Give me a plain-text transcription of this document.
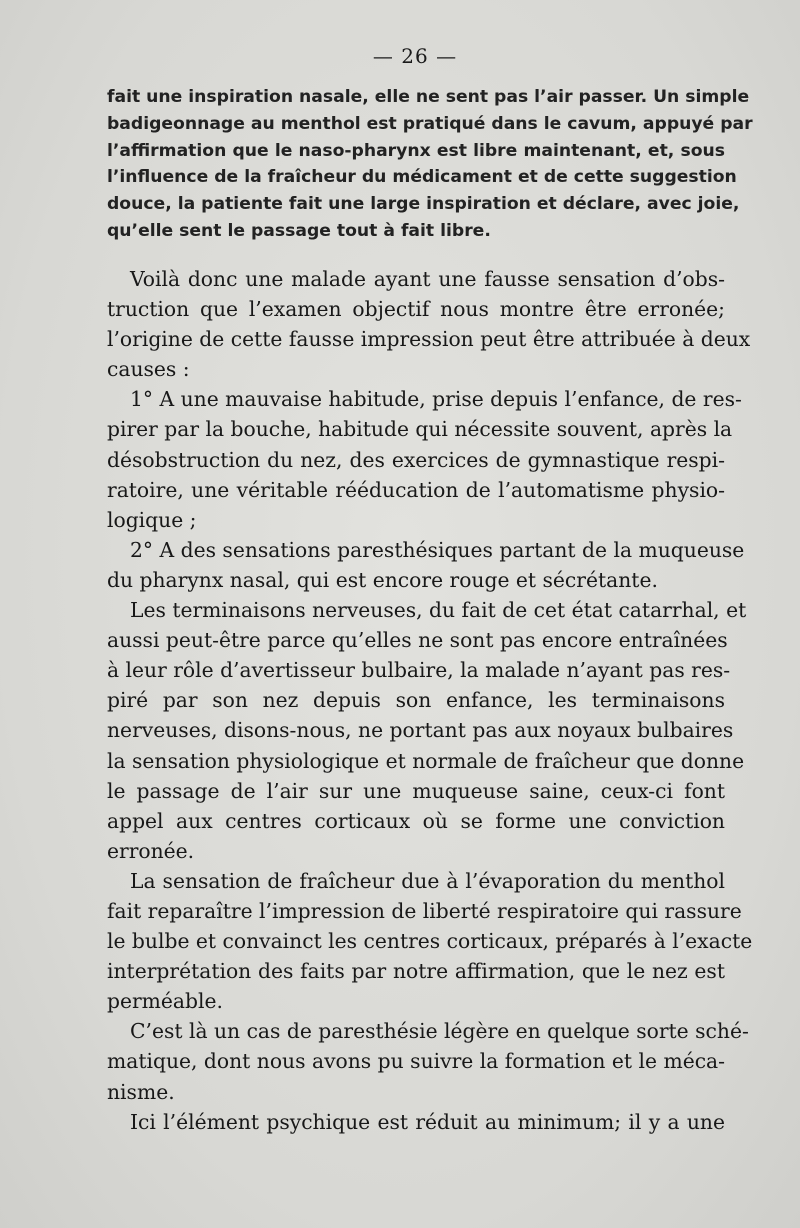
— 26 —
fait une inspiration nasale, elle ne sent pas l’air passer. Un simple
badigeonnage au menthol est pratiqué dans le cavum, appuyé par
l’affirmation que le naso-pharynx est libre maintenant, et, sous
l’influence de la fraîcheur du médicament et de cette suggestion
douce, la patiente fait une large inspiration et déclare, avec joie,
qu’elle sent le passage tout à fait libre.

Voilà donc une malade ayant une fausse sensation d’obs-
truction que l’examen objectif nous montre être erronée;
l’origine de cette fausse impression peut être attribuée à deux
causes :

1° A une mauvaise habitude, prise depuis l’enfance, de res-
pirer par la bouche, habitude qui nécessite souvent, après la
désobstruction du nez, des exercices de gymnastique respi-
ratoire, une véritable rééducation de l’automatisme physio-
logique ;

2° A des sensations paresthésiques partant de la muqueuse
du pharynx nasal, qui est encore rouge et sécrétante.

Les terminaisons nerveuses, du fait de cet état catarrhal, et
aussi peut-être parce qu’elles ne sont pas encore entraînées
à leur rôle d’avertisseur bulbaire, la malade n’ayant pas res-
piré par son nez depuis son enfance, les terminaisons
nerveuses, disons-nous, ne portant pas aux noyaux bulbaires
la sensation physiologique et normale de fraîcheur que donne
le passage de l’air sur une muqueuse saine, ceux-ci font
appel aux centres corticaux où se forme une conviction
erronée.

La sensation de fraîcheur due à l’évaporation du menthol
fait reparaître l’impression de liberté respiratoire qui rassure
le bulbe et convainct les centres corticaux, préparés à l’exacte
interprétation des faits par notre affirmation, que le nez est
perméable.

C’est là un cas de paresthésie légère en quelque sorte sché-
matique, dont nous avons pu suivre la formation et le méca-
nisme.

Ici l’élément psychique est réduit au minimum; il y a une
